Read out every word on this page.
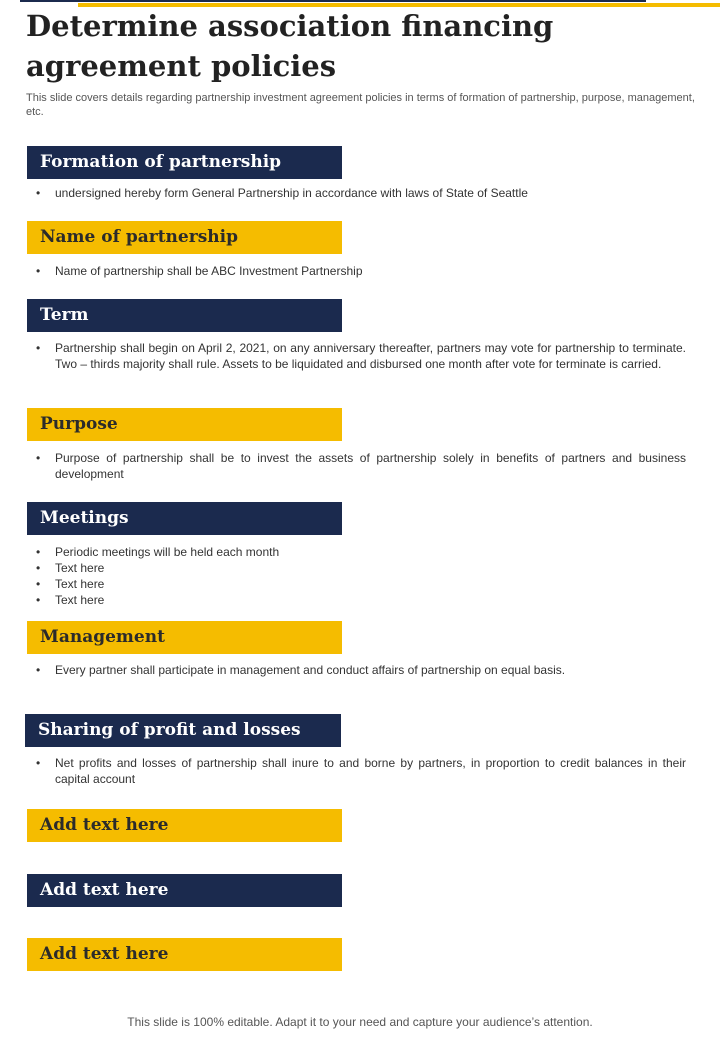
Determine association financing agreement policies

This slide covers details regarding partnership investment agreement policies in terms of formation of partnership, purpose, management, etc.

Formation of partnership
• undersigned hereby form General Partnership in accordance with laws of State of Seattle
Name of partnership
• Name of partnership shall be ABC Investment Partnership
Term
• Partnership shall begin on April 2, 2021, on any anniversary thereafter, partners may vote for partnership to terminate. Two – thirds majority shall rule. Assets to be liquidated and disbursed one month after vote for terminate is carried.
Purpose
• Purpose of partnership shall be to invest the assets of partnership solely in benefits of partners and business development
Meetings
• Periodic meetings will be held each month
• Text here
• Text here
• Text here
Management
• Every partner shall participate in management and conduct affairs of partnership on equal basis.
Sharing of profit and losses
• Net profits and losses of partnership shall inure to and borne by partners, in proportion to credit balances in their capital account
Add text here
Add text here
Add text here

This slide is 100% editable. Adapt it to your need and capture your audience’s attention.
